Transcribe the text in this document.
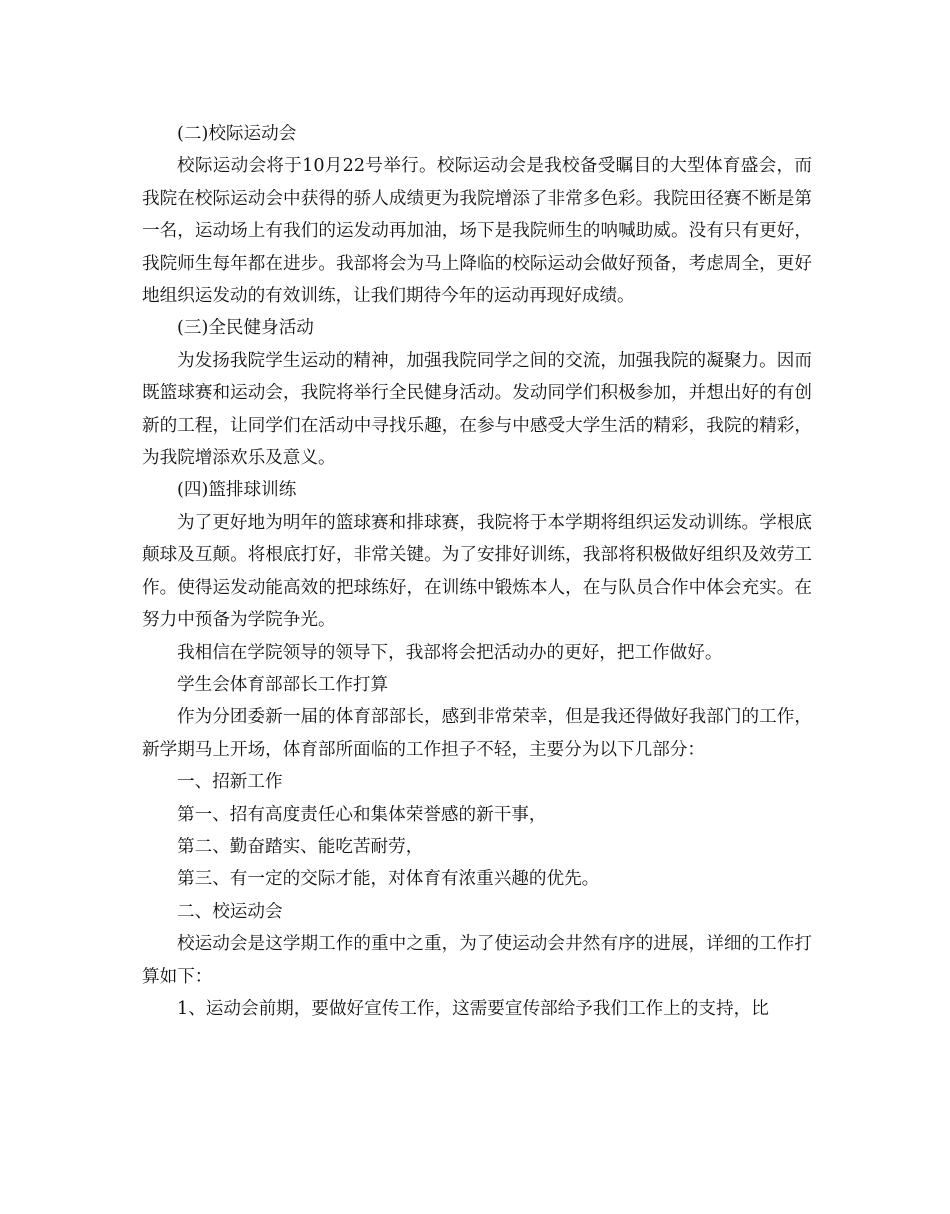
(二)校际运动会

校际运动会将于10月22号举行。校际运动会是我校备受瞩目的大型体育盛会，而我院在校际运动会中获得的骄人成绩更为我院增添了非常多色彩。我院田径赛不断是第一名，运动场上有我们的运发动再加油，场下是我院师生的呐喊助威。没有只有更好，我院师生每年都在进步。我部将会为马上降临的校际运动会做好预备，考虑周全，更好地组织运发动的有效训练，让我们期待今年的运动再现好成绩。

(三)全民健身活动

为发扬我院学生运动的精神，加强我院同学之间的交流，加强我院的凝聚力。因而既篮球赛和运动会，我院将举行全民健身活动。发动同学们积极参加，并想出好的有创新的工程，让同学们在活动中寻找乐趣，在参与中感受大学生活的精彩，我院的精彩，为我院增添欢乐及意义。

(四)篮排球训练

为了更好地为明年的篮球赛和排球赛，我院将于本学期将组织运发动训练。学根底颠球及互颠。将根底打好，非常关键。为了安排好训练，我部将积极做好组织及效劳工作。使得运发动能高效的把球练好，在训练中锻炼本人，在与队员合作中体会充实。在努力中预备为学院争光。

我相信在学院领导的领导下，我部将会把活动办的更好，把工作做好。

学生会体育部部长工作打算

作为分团委新一届的体育部部长，感到非常荣幸，但是我还得做好我部门的工作，新学期马上开场，体育部所面临的工作担子不轻，主要分为以下几部分：

一、招新工作

第一、招有高度责任心和集体荣誉感的新干事，

第二、勤奋踏实、能吃苦耐劳，

第三、有一定的交际才能，对体育有浓重兴趣的优先。

二、校运动会

校运动会是这学期工作的重中之重，为了使运动会井然有序的进展，详细的工作打算如下：

1、运动会前期，要做好宣传工作，这需要宣传部给予我们工作上的支持，比
